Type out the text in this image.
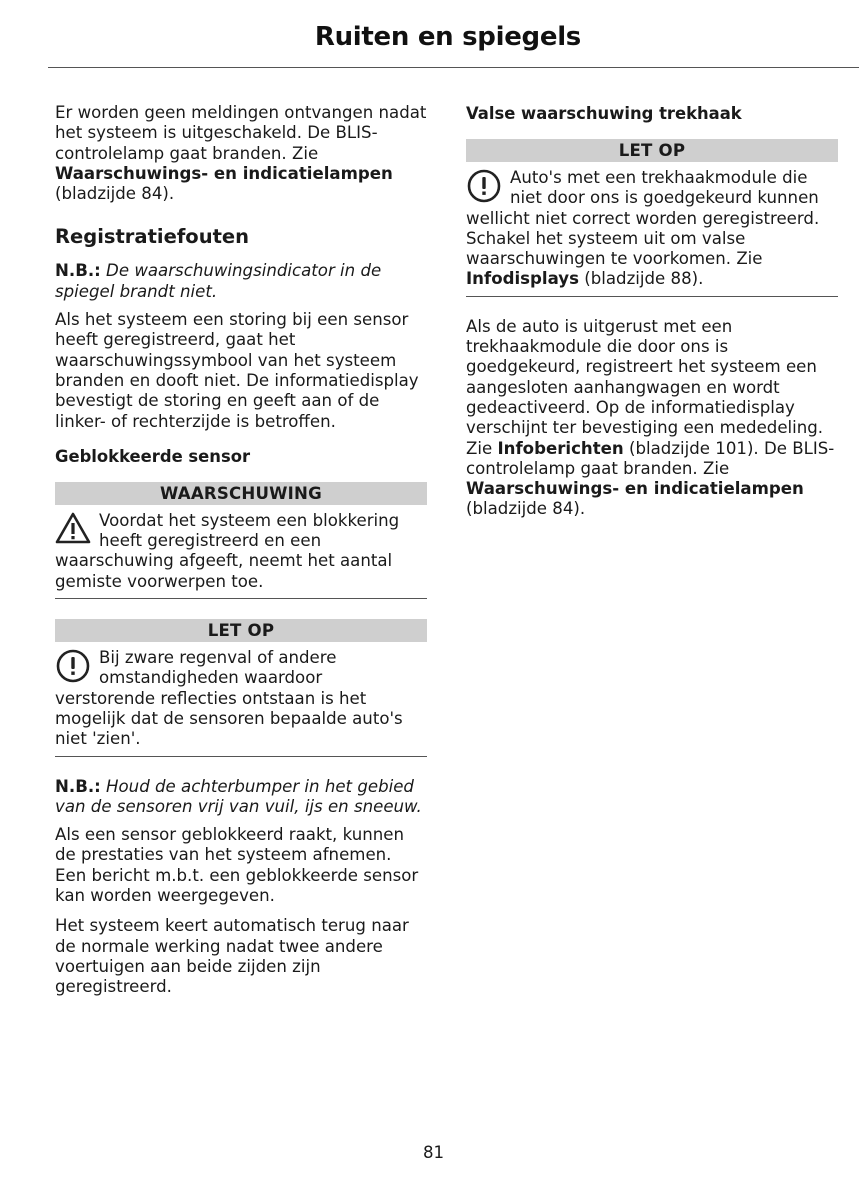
Ruiten en spiegels

Er worden geen meldingen ontvangen nadat het systeem is uitgeschakeld. De BLIS-controlelamp gaat branden. Zie Waarschuwings- en indicatielampen (bladzijde 84).

Registratiefouten

N.B.: De waarschuwingsindicator in de spiegel brandt niet.

Als het systeem een storing bij een sensor heeft geregistreerd, gaat het waarschuwingssymbool van het systeem branden en dooft niet. De informatiedisplay bevestigt de storing en geeft aan of de linker- of rechterzijde is betroffen.

Geblokkeerde sensor
WAARSCHUWING
Voordat het systeem een blokkering heeft geregistreerd en een waarschuwing afgeeft, neemt het aantal gemiste voorwerpen toe.
LET OP
Bij zware regenval of andere omstandigheden waardoor verstorende reflecties ontstaan is het mogelijk dat de sensoren bepaalde auto's niet 'zien'.

N.B.: Houd de achterbumper in het gebied van de sensoren vrij van vuil, ijs en sneeuw.

Als een sensor geblokkeerd raakt, kunnen de prestaties van het systeem afnemen. Een bericht m.b.t. een geblokkeerde sensor kan worden weergegeven.

Het systeem keert automatisch terug naar de normale werking nadat twee andere voertuigen aan beide zijden zijn geregistreerd.

Valse waarschuwing trekhaak
LET OP
Auto's met een trekhaakmodule die niet door ons is goedgekeurd kunnen wellicht niet correct worden geregistreerd. Schakel het systeem uit om valse waarschuwingen te voorkomen. Zie Infodisplays (bladzijde 88).

Als de auto is uitgerust met een trekhaakmodule die door ons is goedgekeurd, registreert het systeem een aangesloten aanhangwagen en wordt gedeactiveerd. Op de informatiedisplay verschijnt ter bevestiging een mededeling. Zie Infoberichten (bladzijde 101). De BLIS-controlelamp gaat branden. Zie Waarschuwings- en indicatielampen (bladzijde 84).

81
